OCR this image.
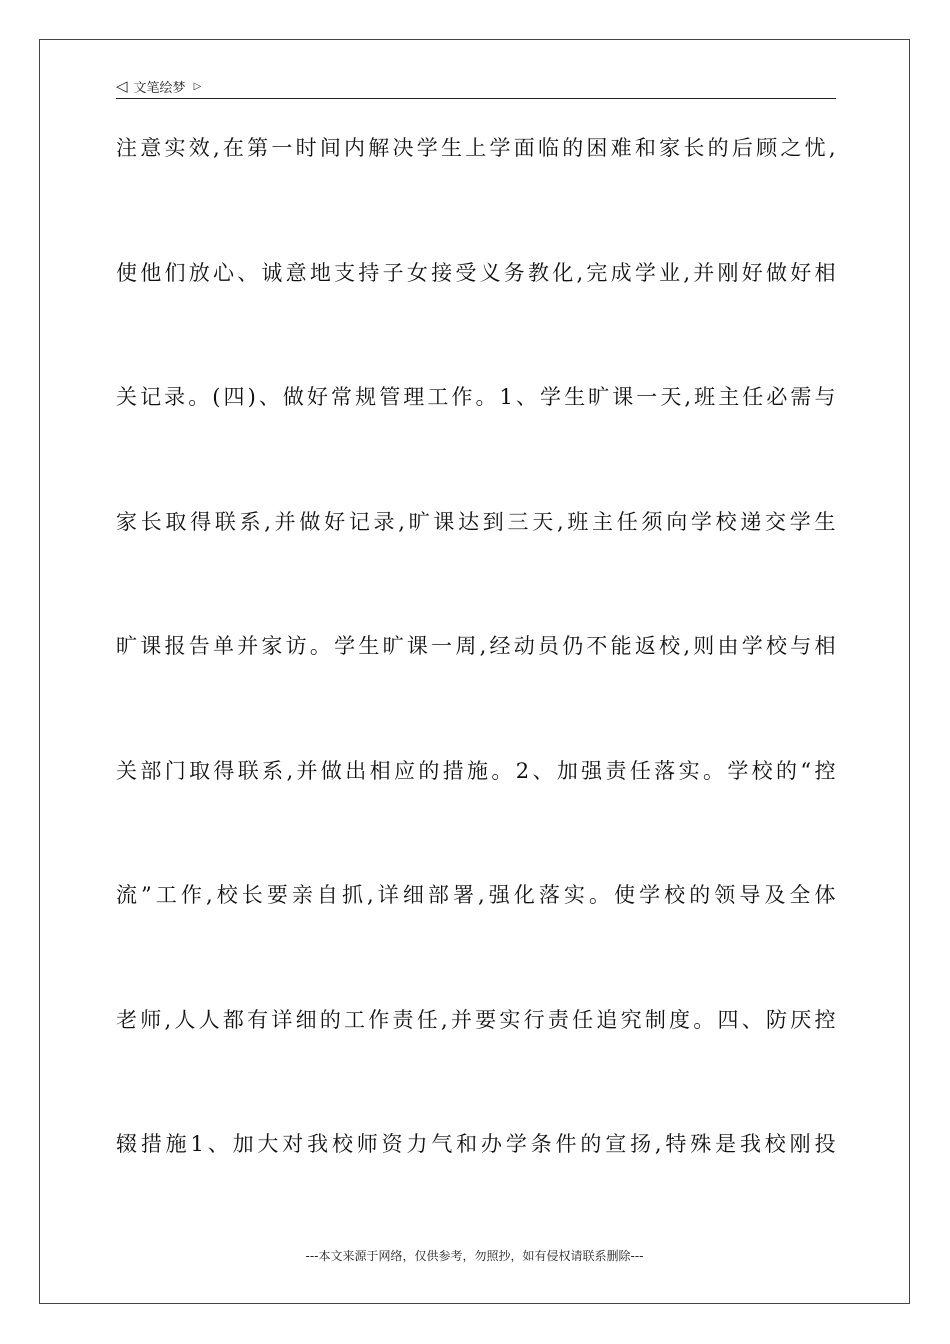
◁ 文笔绘梦 ▷
注意实效,在第一时间内解决学生上学面临的困难和家长的后顾之忧,
使他们放心、诚意地支持子女接受义务教化,完成学业,并刚好做好相
关记录。(四)、做好常规管理工作。1、学生旷课一天,班主任必需与
家长取得联系,并做好记录,旷课达到三天,班主任须向学校递交学生
旷课报告单并家访。学生旷课一周,经动员仍不能返校,则由学校与相
关部门取得联系,并做出相应的措施。2、加强责任落实。学校的“控
流”工作,校长要亲自抓,详细部署,强化落实。使学校的领导及全体
老师,人人都有详细的工作责任,并要实行责任追究制度。四、防厌控
辍措施1、加大对我校师资力气和办学条件的宣扬,特殊是我校刚投
---本文来源于网络，仅供参考，勿照抄，如有侵权请联系删除---
